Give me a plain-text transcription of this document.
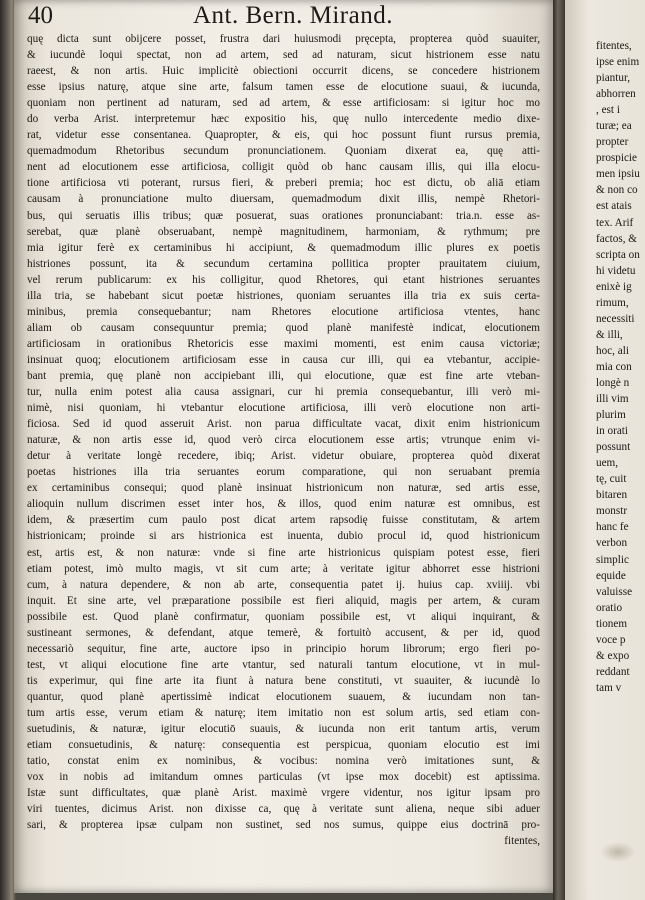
40	Ant. Bern. Mirand.
quę dicta sunt obijcere posset, frustra dari huiusmodi pręcepta, propterea quòd suauiter,
& iucundè loqui spectat, non ad artem, sed ad naturam, sicut histrionem esse natu
raeest, & non artis. Huic implicitè obiectioni occurrit dicens, se concedere histrionem
esse ipsius naturę, atque sine arte, falsum tamen esse de elocutione suaui, & iucunda,
quoniam non pertinent ad naturam, sed ad artem, & esse artificiosam: si igitur hoc mo
do verba Arist. interpretemur hæc expositio his, quę nullo intercedente medio dixe-
rat, videtur esse consentanea. Quapropter, & eis, qui hoc possunt fiunt rursus premia,
quemadmodum Rhetoribus secundum pronunciationem. Quoniam dixerat ea, quę atti-
nent ad elocutionem esse artificiosa, colligit quòd ob hanc causam illis, qui illa elocu-
tione artificiosa vti poterant, rursus fieri, & preberi premia; hoc est dictu, ob aliā etiam
causam à pronunciatione multo diuersam, quemadmodum dixit illis, nempè Rhetori-
bus, qui seruatis illis tribus; quæ posuerat, suas orationes pronunciabant: tria.n. esse as-
serebat, quæ planè obseruabant, nempè magnitudinem, harmoniam, & rythmum; pre
mia igitur ferè ex certaminibus hi accipiunt, & quemadmodum illic plures ex poetis
histriones possunt, ita & secundum certamina pollitica propter prauitatem ciuium,
vel rerum publicarum: ex his colligitur, quod Rhetores, qui etant histriones seruantes
illa tria, se habebant sicut poetæ histriones, quoniam seruantes illa tria ex suis certa-
minibus, premia consequebantur; nam Rhetores elocutione artificiosa vtentes, hanc
aliam ob causam consequuntur premia; quod planè manifestè indicat, elocutionem
artificiosam in orationibus Rhetoricis esse maximi momenti, est enim causa victoriæ;
insinuat quoq; elocutionem artificiosam esse in causa cur illi, qui ea vtebantur, accipie-
bant premia, quę planè non accipiebant illi, qui elocutione, quæ est fine arte vteban-
tur, nulla enim potest alia causa assignari, cur hi premia consequebantur, illi verò mi-
nimè, nisi quoniam, hi vtebantur elocutione artificiosa, illi verò elocutione non arti-
ficiosa. Sed id quod asseruit Arist. non parua difficultate vacat, dixit enim histrionicum
naturæ, & non artis esse id, quod verò circa elocutionem esse artis; vtrunque enim vi-
detur à veritate longè recedere, ibiq; Arist. videtur obuiare, propterea quòd dixerat
poetas histriones illa tria seruantes eorum comparatione, qui non seruabant premia
ex certaminibus consequi; quod planè insinuat histrionicum non naturæ, sed artis esse,
alioquin nullum discrimen esset inter hos, & illos, quod enim naturæ est omnibus, est
idem, & præsertim cum paulo post dicat artem rapsodię fuisse constitutam, & artem
histrionicam; proinde si ars histrionica est inuenta, dubio procul id, quod histrionicum
est, artis est, & non naturæ: vnde si fine arte histrionicus quispiam potest esse, fieri
etiam potest, imò multo magis, vt sit cum arte; à veritate igitur abhorret esse histrioni
cum, à natura dependere, & non ab arte, consequentia patet ij. huius cap. xviiij. vbi
inquit. Et sine arte, vel præparatione possibile est fieri aliquid, magis per artem, & curam
possibile est. Quod planè confirmatur, quoniam possibile est, vt aliqui inquirant, &
sustineant sermones, & defendant, atque temerè, & fortuitò accusent, & per id, quod
necessariò sequitur, fine arte, auctore ipso in principio horum librorum; ergo fieri po-
test, vt aliqui elocutione fine arte vtantur, sed naturali tantum elocutione, vt in mul-
tis experimur, qui fine arte ita fiunt à natura bene constituti, vt suauiter, & iucundè lo
quantur, quod planè apertissimè indicat elocutionem suauem, & iucundam non tan-
tum artis esse, verum etiam & naturę; item imitatio non est solum artis, sed etiam con-
suetudinis, & naturæ, igitur elocutiō suauis, & iucunda non erit tantum artis, verum
etiam consuetudinis, & naturę: consequentia est perspicua, quoniam elocutio est imi
tatio, constat enim ex nominibus, & vocibus: nomina verò imitationes sunt, &
vox in nobis ad imitandum omnes particulas (vt ipse mox docebit) est aptissima.
Istæ sunt difficultates, quæ planè Arist. maximè vrgere videntur, nos igitur ipsam pro
viri tuentes, dicimus Arist. non dixisse ca, quę à veritate sunt aliena, neque sibi aduer
sari, & propterea ipsæ culpam non sustinet, sed nos sumus, quippe eius doctrinā pro-
fitentes,
fitentes,
ipse enim
piantur,
abhorren
, est i
turæ; ea
propter
prospicie
men ipsiu
& non co
est atais
tex. Arif
factos, &
scripta on
hi videtu
enixè ig
rimum,
necessiti
& illi,
hoc, ali
mia con
longè n
illi vim
plurim
in orati
possunt
uem,
tę, cuit
bitaren
monstr
hanc fe
verbon
simplic
equide
valuisse
oratio
tionem
voce p
& expo
reddant
tam v
